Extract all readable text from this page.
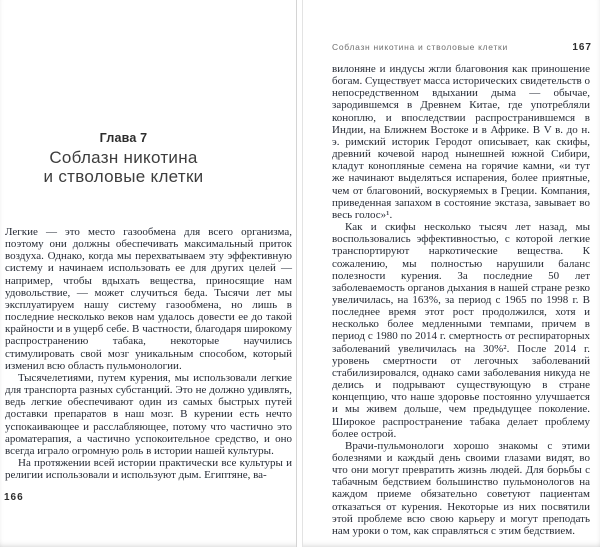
Глава 7
Соблазн никотина
и стволовые клетки

Легкие — это место газообмена для всего организма, поэтому они должны обеспечивать максимальный приток воздуха. Однако, когда мы перехватываем эту эффективную систему и начинаем использовать ее для других целей — например, чтобы вдыхать вещества, приносящие нам удовольствие, — может случиться беда. Тысячи лет мы эксплуатируем нашу систему газообмена, но лишь в последние несколько веков нам удалось довести ее до такой крайности и в ущерб себе. В частности, благодаря широкому распространению табака, некоторые научились стимулировать свой мозг уникальным способом, который изменил всю область пульмонологии.

Тысячелетиями, путем курения, мы использовали легкие для транспорта разных субстанций. Это не должно удивлять, ведь легкие обеспечивают один из самых быстрых путей доставки препаратов в наш мозг. В курении есть нечто успокаивающее и расслабляющее, потому что частично это ароматерапия, а частично успокоительное средство, и оно всегда играло огромную роль в истории нашей культуры.

На протяжении всей истории практически все культуры и религии использовали и используют дым. Египтяне, ва-

166
Соблазн никотина и стволовые клетки	167

вилоняне и индусы жгли благовония как приношение богам. Существует масса исторических свидетельств о непосредственном вдыхании дыма — обычае, зародившемся в Древнем Китае, где употребляли коноплю, и впоследствии распространившемся в Индии, на Ближнем Востоке и в Африке. В V в. до н. э. римский историк Геродот описывает, как скифы, древний кочевой народ нынешней южной Сибири, кладут конопляные семена на горячие камни, «и тут же начинают выделяться испарения, более приятные, чем от благовоний, воскуряемых в Греции. Компания, приведенная запахом в состояние экстаза, завывает во весь голос»¹.

Как и скифы несколько тысяч лет назад, мы воспользовались эффективностью, с которой легкие транспортируют наркотические вещества. К сожалению, мы полностью нарушили баланс полезности курения. За последние 50 лет заболеваемость органов дыхания в нашей стране резко увеличилась, на 163%, за период с 1965 по 1998 г. В последнее время этот рост продолжился, хотя и несколько более медленными темпами, причем в период с 1980 по 2014 г. смертность от респираторных заболеваний увеличилась на 30%². После 2014 г. уровень смертности от легочных заболеваний стабилизировался, однако сами заболевания никуда не делись и подрывают существующую в стране концепцию, что наше здоровье постоянно улучшается и мы живем дольше, чем предыдущее поколение. Широкое распространение табака делает проблему более острой.

Врачи-пульмонологи хорошо знакомы с этими болезнями и каждый день своими глазами видят, во что они могут превратить жизнь людей. Для борьбы с табачным бедствием большинство пульмонологов на каждом приеме обязательно советуют пациентам отказаться от курения. Некоторые из них посвятили этой проблеме всю свою карьеру и могут преподать нам уроки о том, как справляться с этим бедствием.
